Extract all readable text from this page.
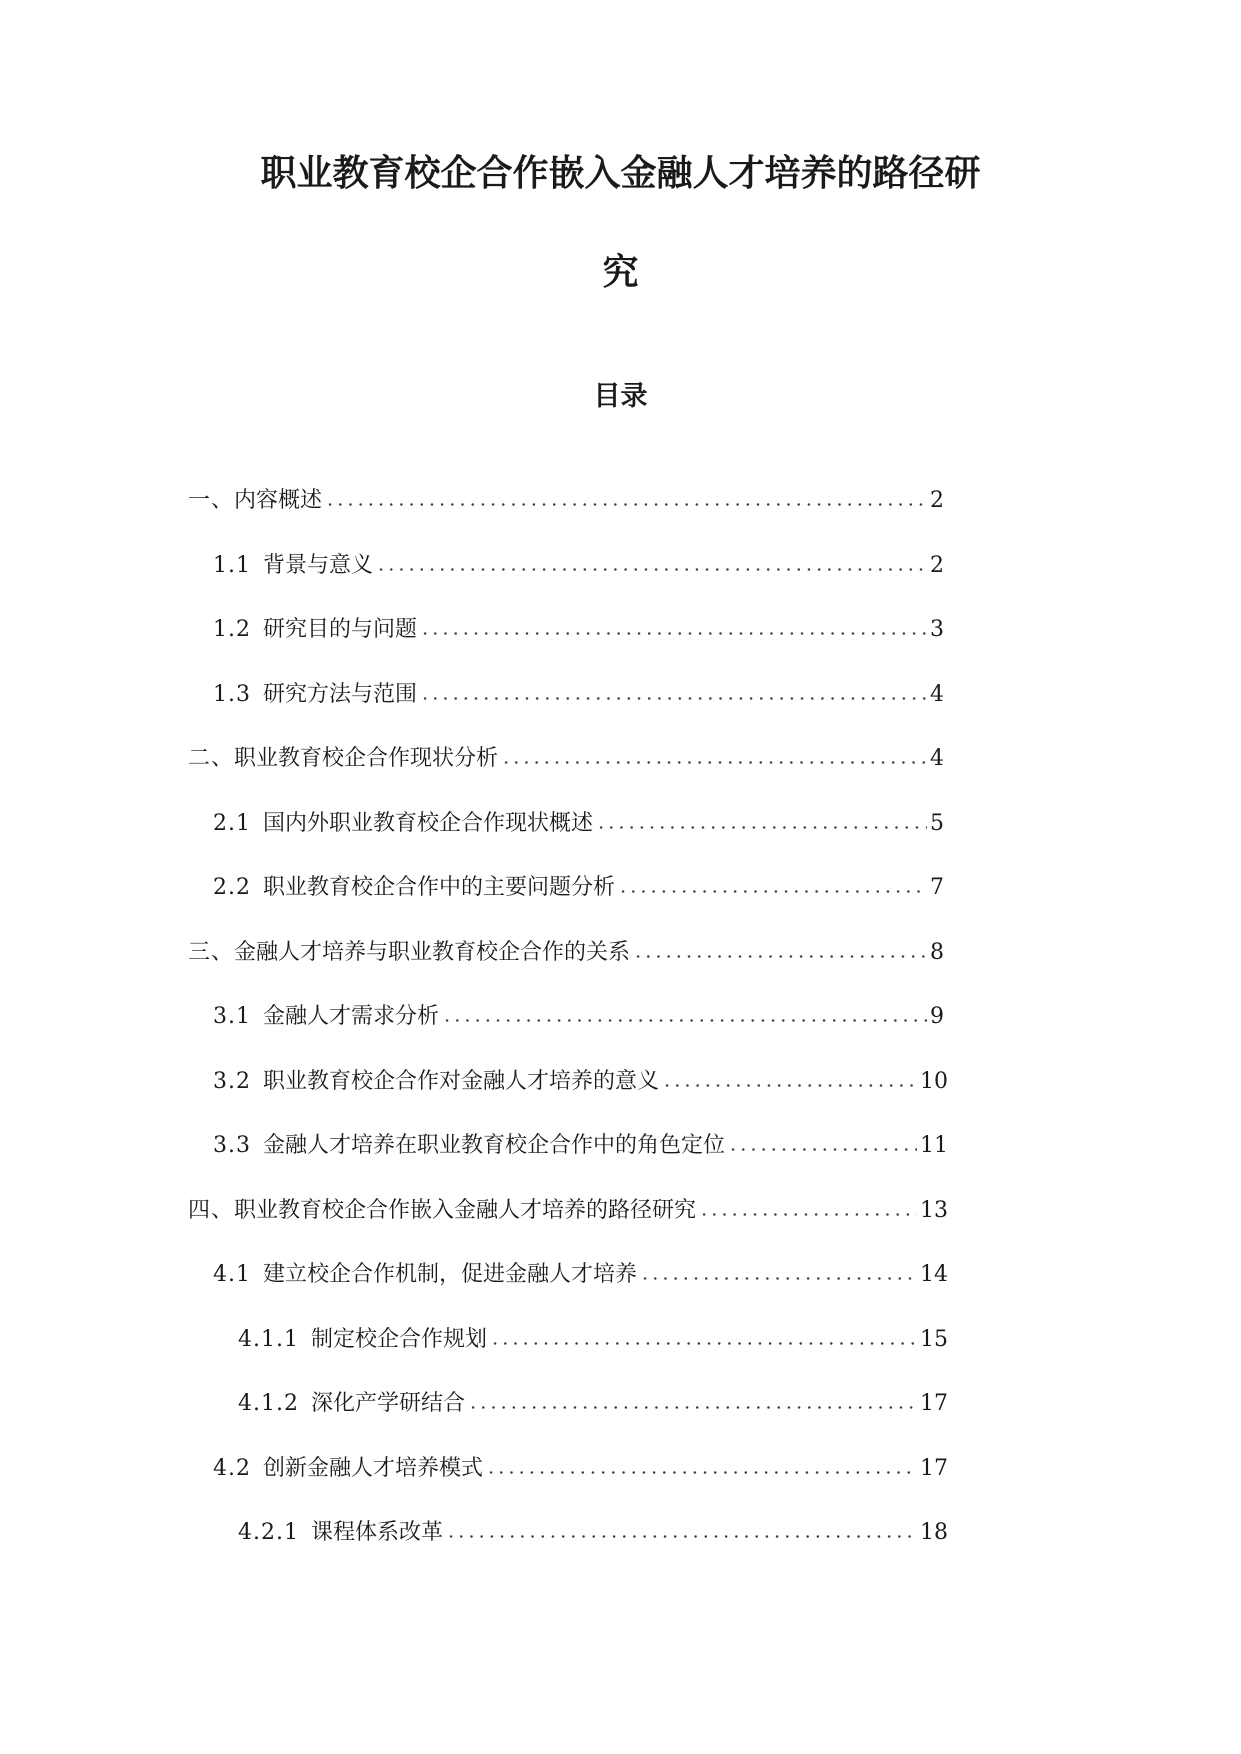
职业教育校企合作嵌入金融人才培养的路径研
究
目录
一、 内容概述	2
1.1 背景与意义	2
1.2 研究目的与问题	3
1.3 研究方法与范围	4
二、 职业教育校企合作现状分析	4
2.1 国内外职业教育校企合作现状概述	5
2.2 职业教育校企合作中的主要问题分析	7
三、 金融人才培养与职业教育校企合作的关系	8
3.1 金融人才需求分析	9
3.2 职业教育校企合作对金融人才培养的意义	10
3.3 金融人才培养在职业教育校企合作中的角色定位	11
四、 职业教育校企合作嵌入金融人才培养的路径研究	13
4.1 建立校企合作机制，促进金融人才培养	14
4.1.1 制定校企合作规划	15
4.1.2 深化产学研结合	17
4.2 创新金融人才培养模式	17
4.2.1 课程体系改革	18
